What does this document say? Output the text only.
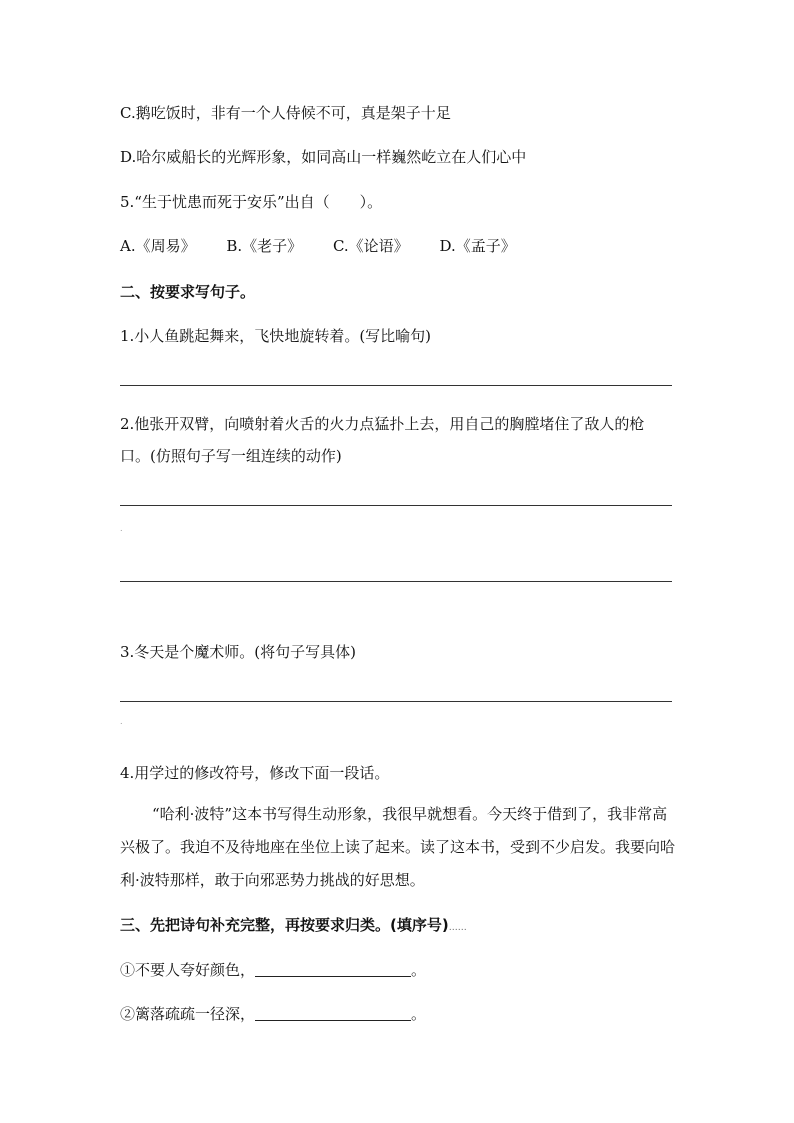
C.鹅吃饭时，非有一个人侍候不可，真是架子十足
D.哈尔威船长的光辉形象，如同高山一样巍然屹立在人们心中
5.“生于忧患而死于安乐”出自（　　）。
A.《周易》 B.《老子》 C.《论语》 D.《孟子》
二、按要求写句子。
1.小人鱼跳起舞来，飞快地旋转着。(写比喻句)
2.他张开双臂，向喷射着火舌的火力点猛扑上去，用自己的胸膛堵住了敌人的枪
口。(仿照句子写一组连续的动作)
.
3.冬天是个魔术师。(将句子写具体)
.
4.用学过的修改符号，修改下面一段话。
“哈利·波特”这本书写得生动形象，我很早就想看。今天终于借到了，我非常高兴极了。我迫不及待地座在坐位上读了起来。读了这本书，受到不少启发。我要向哈利·波特那样，敢于向邪恶势力挑战的好思想。
三、先把诗句补充完整，再按要求归类。(填序号)……
①不要人夸好颜色，	。
②篱落疏疏一径深，	。
